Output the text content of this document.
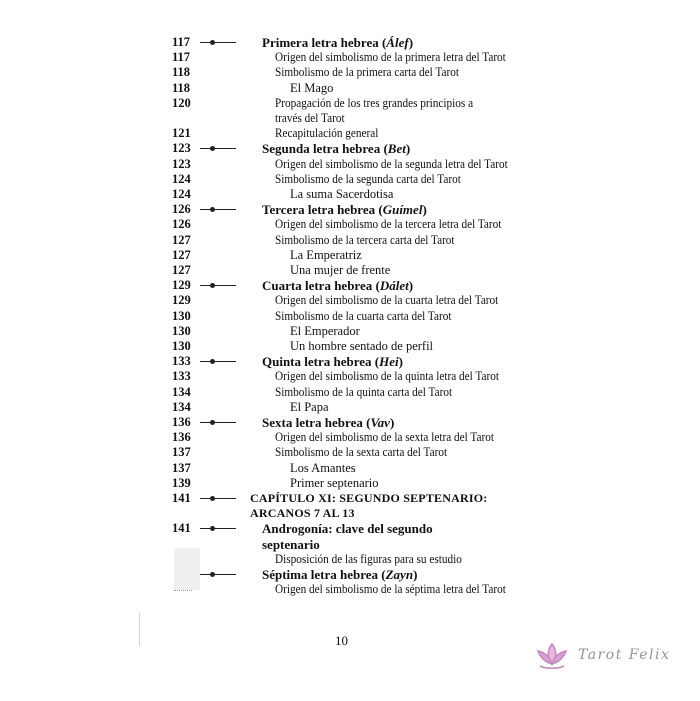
117	Primera letra hebrea (Álef)
117	Origen del simbolismo de la primera letra del Tarot
118	Simbolismo de la primera carta del Tarot
118	El Mago
120	Propagación de los tres grandes principios a
través del Tarot
121	Recapitulación general
123	Segunda letra hebrea (Bet)
123	Origen del simbolismo de la segunda letra del Tarot
124	Simbolismo de la segunda carta del Tarot
124	La suma Sacerdotisa
126	Tercera letra hebrea (Guímel)
126	Origen del simbolismo de la tercera letra del Tarot
127	Simbolismo de la tercera carta del Tarot
127	La Emperatriz
127	Una mujer de frente
129	Cuarta letra hebrea (Dálet)
129	Origen del simbolismo de la cuarta letra del Tarot
130	Simbolismo de la cuarta carta del Tarot
130	El Emperador
130	Un hombre sentado de perfil
133	Quinta letra hebrea (Hei)
133	Origen del simbolismo de la quinta letra del Tarot
134	Simbolismo de la quinta carta del Tarot
134	El Papa
136	Sexta letra hebrea (Vav)
136	Origen del simbolismo de la sexta letra del Tarot
137	Simbolismo de la sexta carta del Tarot
137	Los Amantes
139	Primer septenario
141	CAPÍTULO XI: SEGUNDO SEPTENARIO:
ARCANOS 7 AL 13
141	Androgonía: clave del segundo
septenario
Disposición de las figuras para su estudio
Séptima letra hebrea (Zayn)
Origen del simbolismo de la séptima letra del Tarot
10
Tarot Felix
